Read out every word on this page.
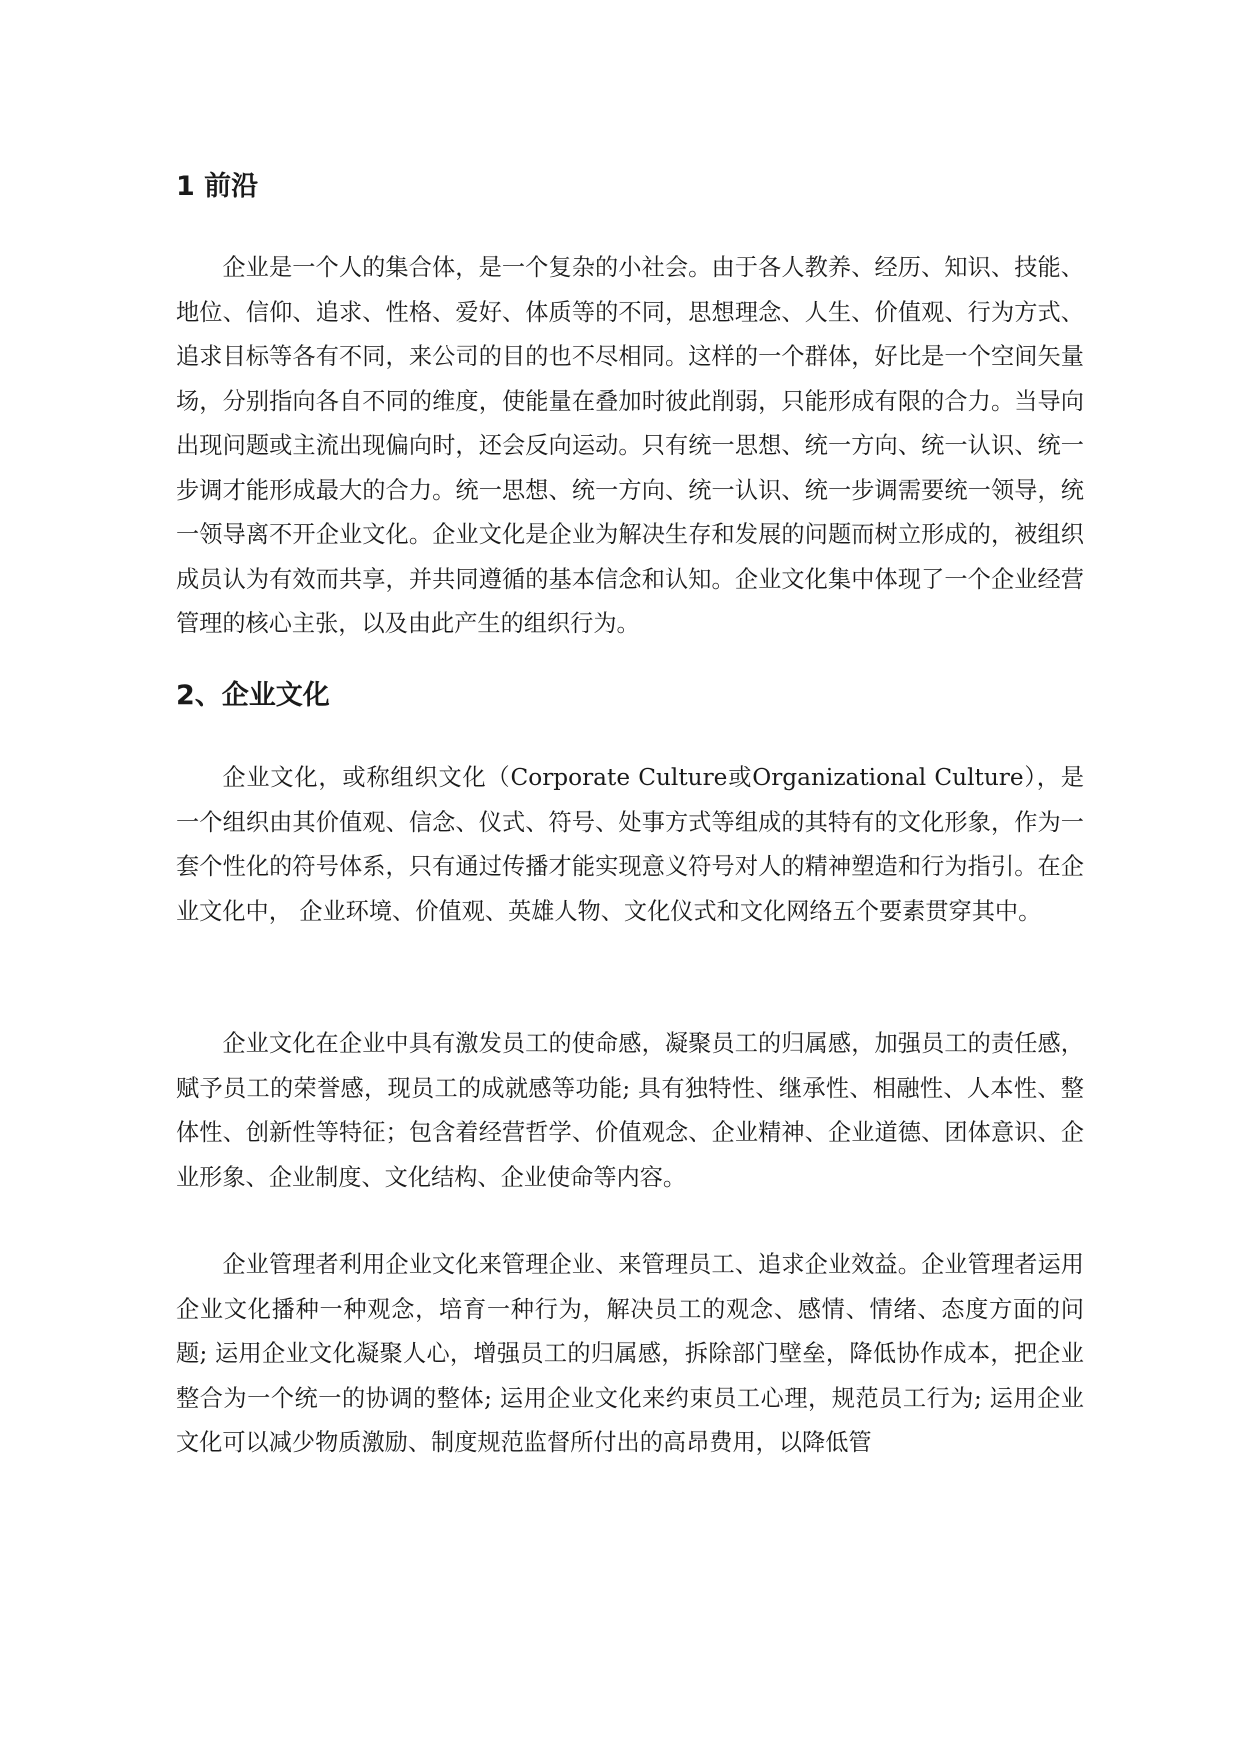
1 前沿

企业是一个人的集合体，是一个复杂的小社会。由于各人教养、经历、知识、技能、地位、信仰、追求、性格、爱好、体质等的不同，思想理念、人生、价值观、行为方式、追求目标等各有不同，来公司的目的也不尽相同。这样的一个群体，好比是一个空间矢量场，分别指向各自不同的维度，使能量在叠加时彼此削弱，只能形成有限的合力。当导向出现问题或主流出现偏向时，还会反向运动。只有统一思想、统一方向、统一认识、统一步调才能形成最大的合力。统一思想、统一方向、统一认识、统一步调需要统一领导，统一领导离不开企业文化。企业文化是企业为解决生存和发展的问题而树立形成的，被组织成员认为有效而共享，并共同遵循的基本信念和认知。企业文化集中体现了一个企业经营管理的核心主张，以及由此产生的组织行为。

2、企业文化

企业文化，或称组织文化（Corporate Culture或Organizational Culture），是一个组织由其价值观、信念、仪式、符号、处事方式等组成的其特有的文化形象，作为一套个性化的符号体系，只有通过传播才能实现意义符号对人的精神塑造和行为指引。在企业文化中， 企业环境、价值观、英雄人物、文化仪式和文化网络五个要素贯穿其中。

企业文化在企业中具有激发员工的使命感，凝聚员工的归属感，加强员工的责任感，赋予员工的荣誉感，现员工的成就感等功能; 具有独特性、继承性、相融性、人本性、整体性、创新性等特征；包含着经营哲学、价值观念、企业精神、企业道德、团体意识、企业形象、企业制度、文化结构、企业使命等内容。

企业管理者利用企业文化来管理企业、来管理员工、追求企业效益。企业管理者运用企业文化播种一种观念，培育一种行为，解决员工的观念、感情、情绪、态度方面的问题; 运用企业文化凝聚人心，增强员工的归属感，拆除部门壁垒，降低协作成本，把企业整合为一个统一的协调的整体; 运用企业文化来约束员工心理，规范员工行为; 运用企业文化可以减少物质激励、制度规范监督所付出的高昂费用，以降低管
